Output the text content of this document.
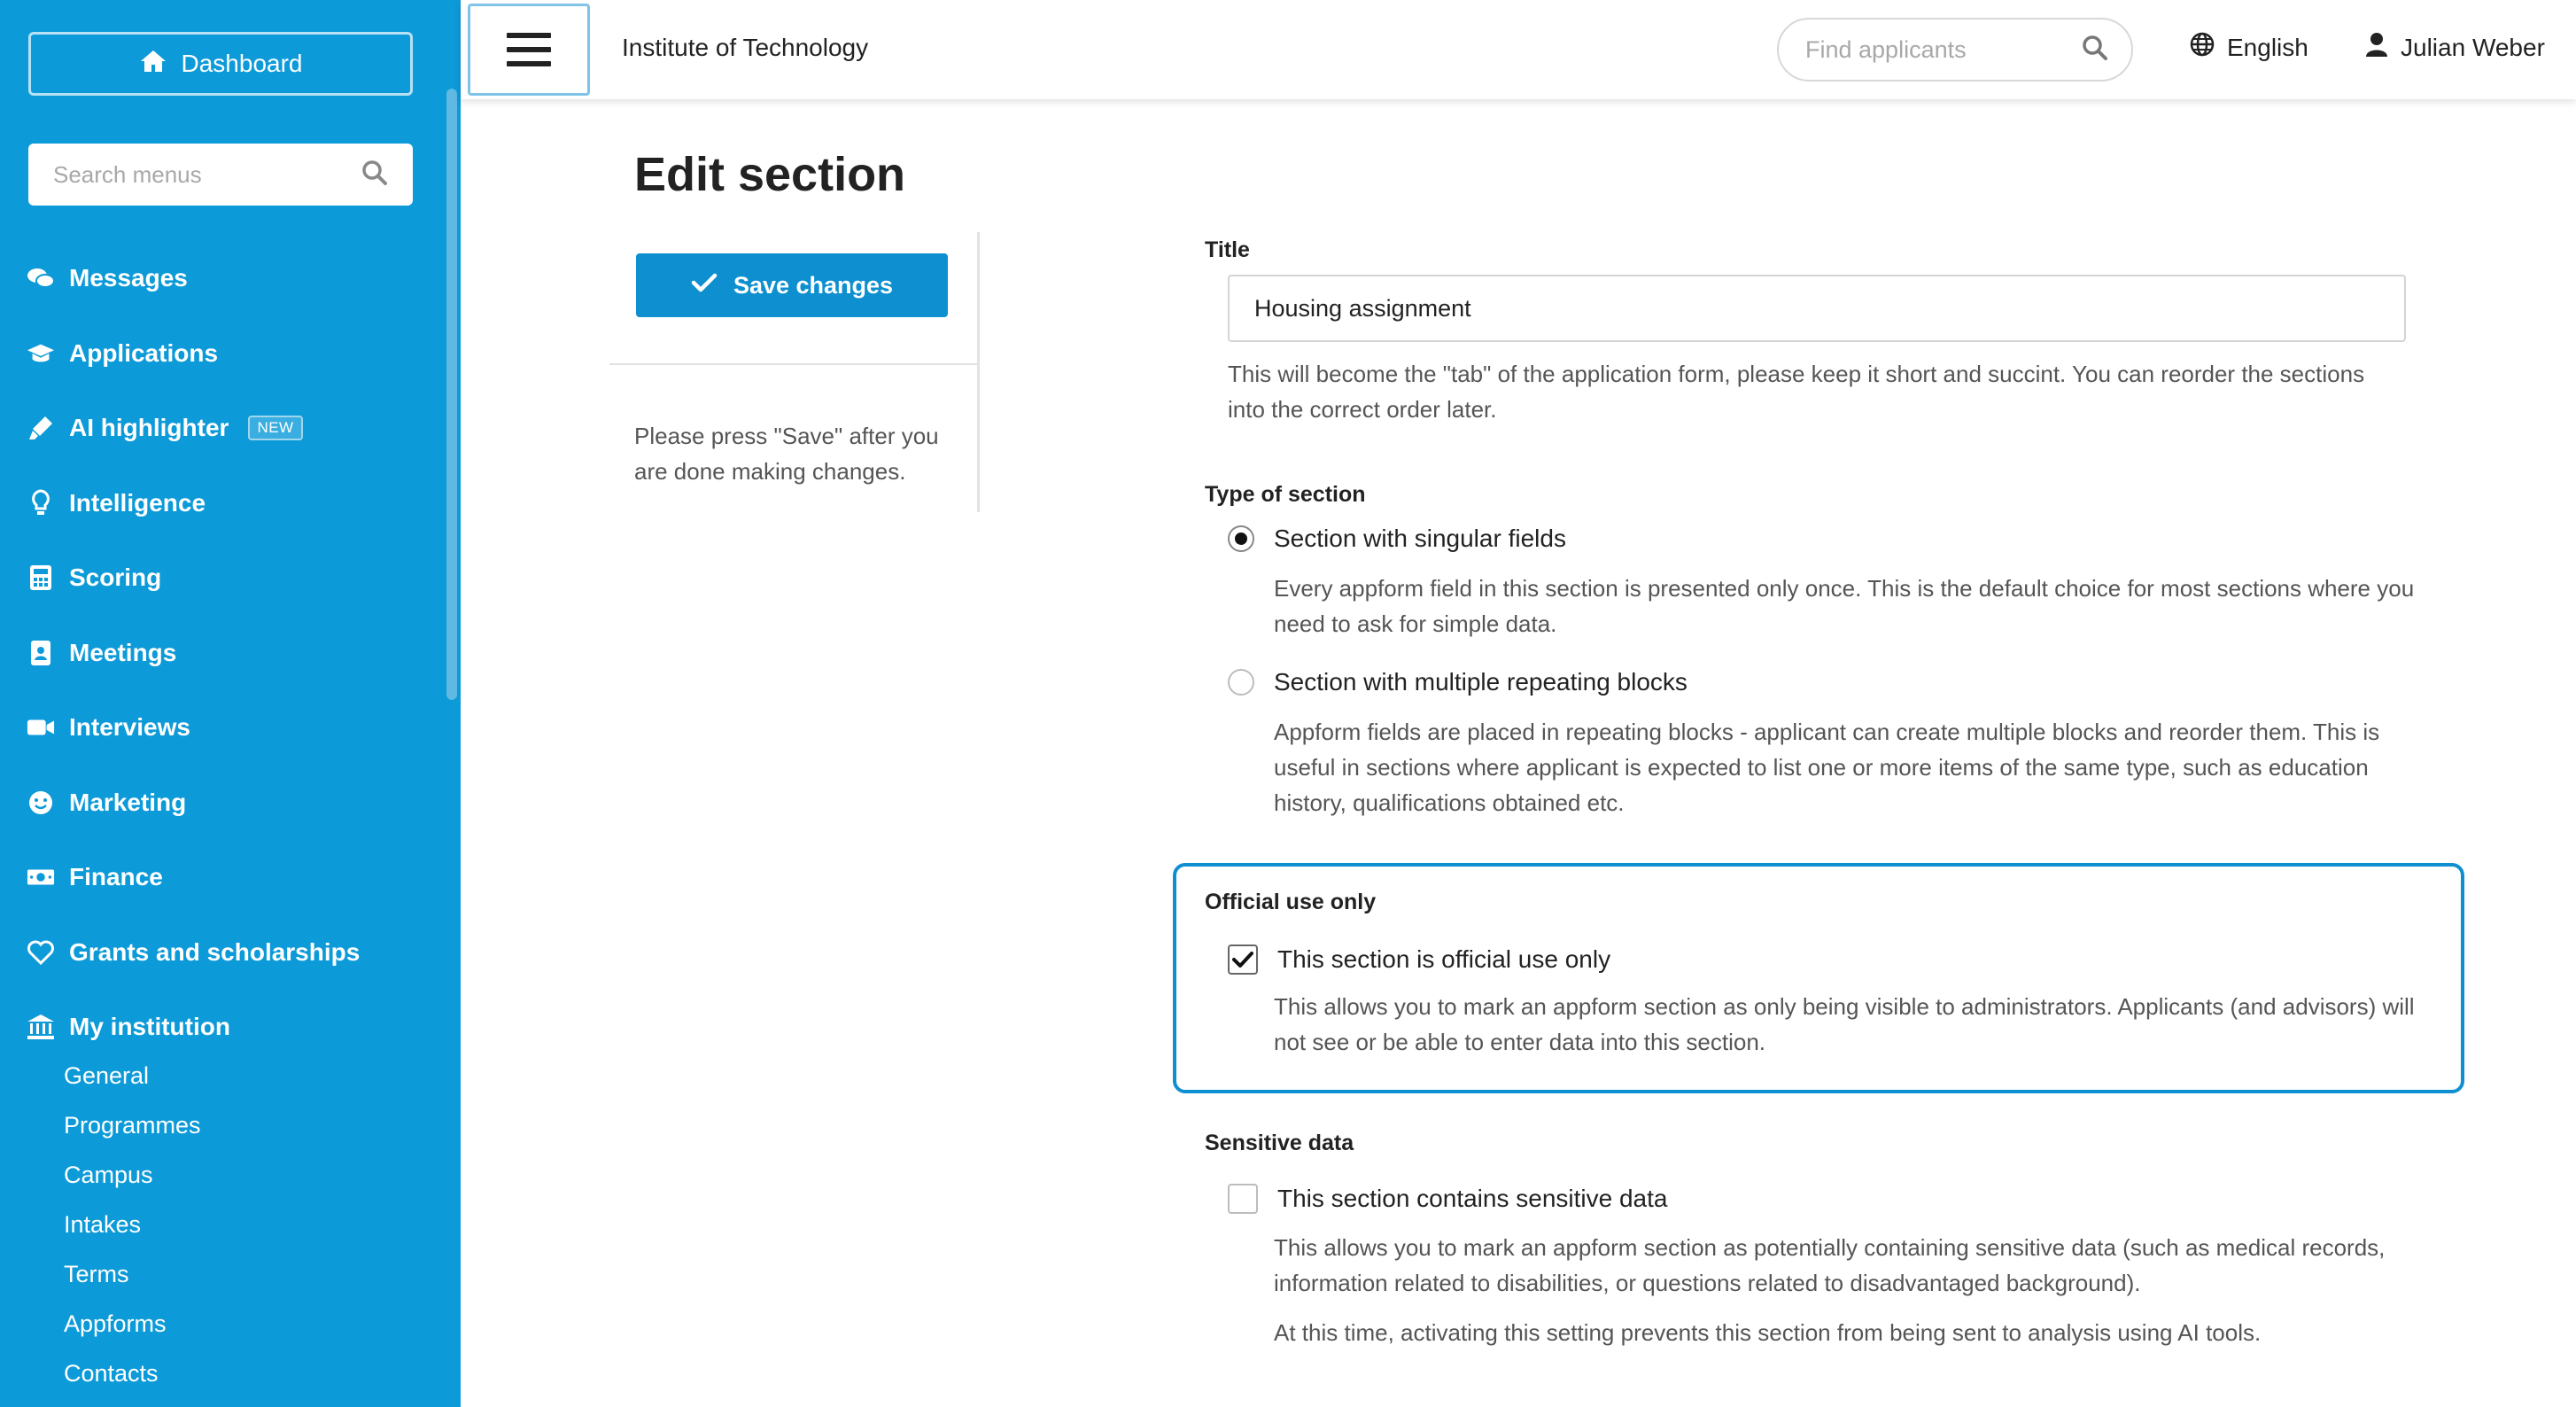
Dashboard
Search menus
Messages
Applications
AI highlighter	NEW
Intelligence
Scoring
Meetings
Interviews
Marketing
Finance
Grants and scholarships
My institution
General
Programmes
Campus
Intakes
Terms
Appforms
Contacts
Institute of Technology
Find applicants	English	Julian Weber
Edit section
Save changes
Please press "Save" after you are done making changes.
Title
Housing assignment
This will become the "tab" of the application form, please keep it short and succint. You can reorder the sections into the correct order later.
Type of section
Section with singular fields
Every appform field in this section is presented only once. This is the default choice for most sections where you need to ask for simple data.
Section with multiple repeating blocks
Appform fields are placed in repeating blocks - applicant can create multiple blocks and reorder them. This is useful in sections where applicant is expected to list one or more items of the same type, such as education history, qualifications obtained etc.
Official use only
This section is official use only
This allows you to mark an appform section as only being visible to administrators. Applicants (and advisors) will not see or be able to enter data into this section.
Sensitive data
This section contains sensitive data
This allows you to mark an appform section as potentially containing sensitive data (such as medical records, information related to disabilities, or questions related to disadvantaged background).
At this time, activating this setting prevents this section from being sent to analysis using AI tools.
